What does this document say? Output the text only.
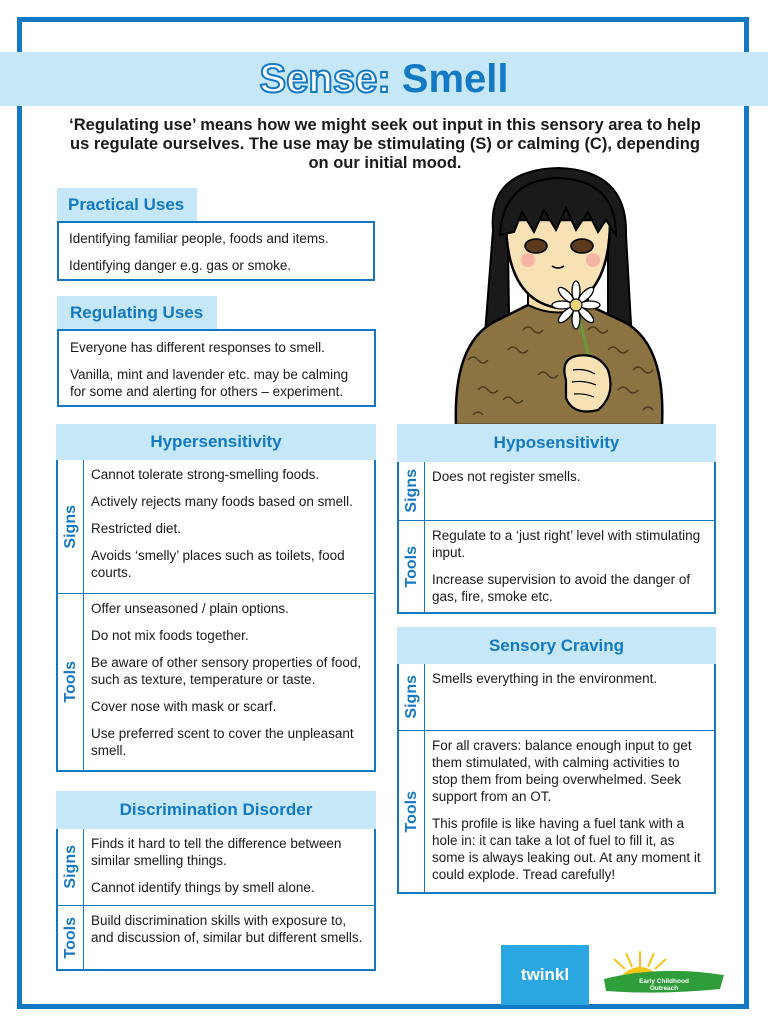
Sense: Smell
‘Regulating use’ means how we might seek out input in this sensory area to help us regulate ourselves. The use may be stimulating (S) or calming (C), depending on our initial mood.
Practical Uses

Identifying familiar people, foods and items.

Identifying danger e.g. gas or smoke.

Regulating Uses

Everyone has different responses to smell.

Vanilla, mint and lavender etc. may be calming for some and alerting for others – experiment.

Hypersensitivity
Signs

Cannot tolerate strong-smelling foods.

Actively rejects many foods based on smell.

Restricted diet.

Avoids ‘smelly’ places such as toilets, food courts.

Tools

Offer unseasoned / plain options.

Do not mix foods together.

Be aware of other sensory properties of food, such as texture, temperature or taste.

Cover nose with mask or scarf.

Use preferred scent to cover the unpleasant smell.

Hyposensitivity
Signs Does not register smells.

Tools

Regulate to a ‘just right’ level with stimulating input.

Increase supervision to avoid the danger of gas, fire, smoke etc.

Sensory Craving
Signs Smells everything in the environment.

Tools

For all cravers: balance enough input to get them stimulated, with calming activities to stop them from being overwhelmed. Seek support from an OT.

This profile is like having a fuel tank with a hole in: it can take a lot of fuel to fill it, as some is always leaking out. At any moment it could explode. Tread carefully!

Discrimination Disorder
Signs

Finds it hard to tell the difference between similar smelling things.

Cannot identify things by smell alone.

Tools Build discrimination skills with exposure to, and discussion of, similar but different smells.

twinkl	Early Childhood
Outreach
